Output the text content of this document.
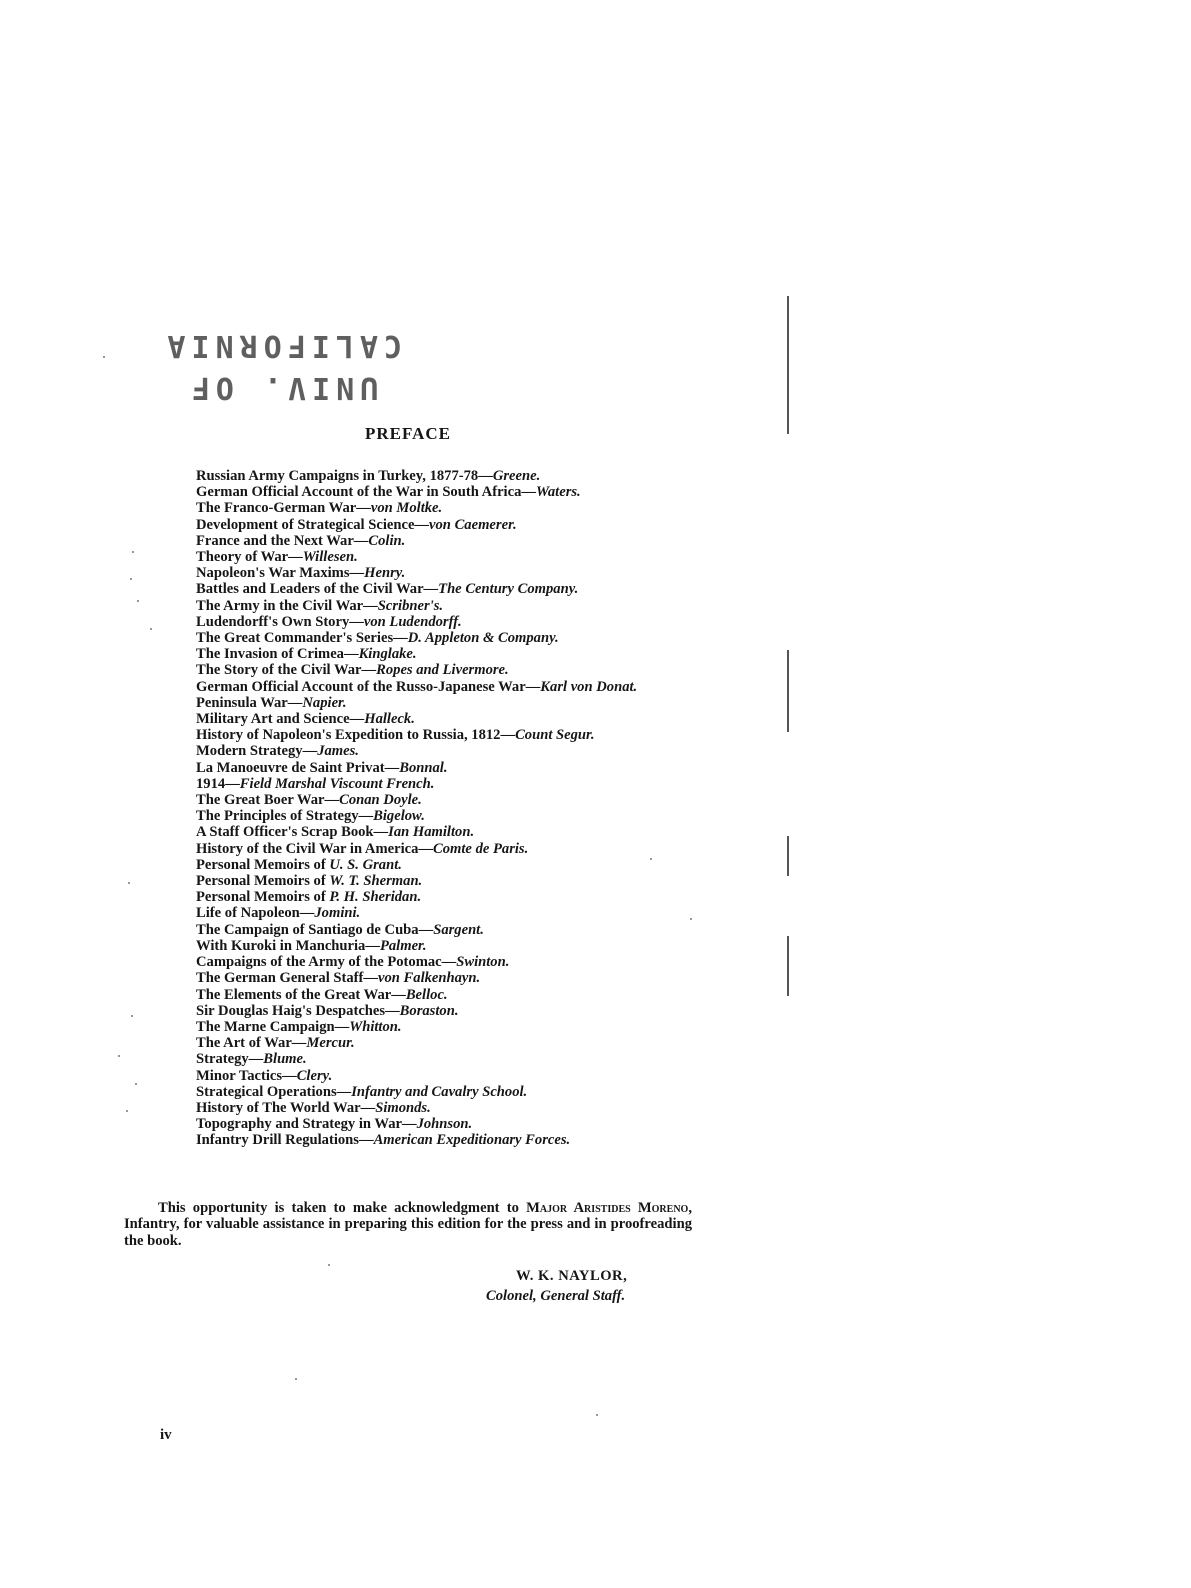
UNIV. OF
CALIFORNIA
PREFACE
Russian Army Campaigns in Turkey, 1877-78—Greene.
German Official Account of the War in South Africa—Waters.
The Franco-German War—von Moltke.
Development of Strategical Science—von Caemerer.
France and the Next War—Colin.
Theory of War—Willesen.
Napoleon's War Maxims—Henry.
Battles and Leaders of the Civil War—The Century Company.
The Army in the Civil War—Scribner's.
Ludendorff's Own Story—von Ludendorff.
The Great Commander's Series—D. Appleton & Company.
The Invasion of Crimea—Kinglake.
The Story of the Civil War—Ropes and Livermore.
German Official Account of the Russo-Japanese War—Karl von Donat.
Peninsula War—Napier.
Military Art and Science—Halleck.
History of Napoleon's Expedition to Russia, 1812—Count Segur.
Modern Strategy—James.
La Manoeuvre de Saint Privat—Bonnal.
1914—Field Marshal Viscount French.
The Great Boer War—Conan Doyle.
The Principles of Strategy—Bigelow.
A Staff Officer's Scrap Book—Ian Hamilton.
History of the Civil War in America—Comte de Paris.
Personal Memoirs of U. S. Grant.
Personal Memoirs of W. T. Sherman.
Personal Memoirs of P. H. Sheridan.
Life of Napoleon—Jomini.
The Campaign of Santiago de Cuba—Sargent.
With Kuroki in Manchuria—Palmer.
Campaigns of the Army of the Potomac—Swinton.
The German General Staff—von Falkenhayn.
The Elements of the Great War—Belloc.
Sir Douglas Haig's Despatches—Boraston.
The Marne Campaign—Whitton.
The Art of War—Mercur.
Strategy—Blume.
Minor Tactics—Clery.
Strategical Operations—Infantry and Cavalry School.
History of The World War—Simonds.
Topography and Strategy in War—Johnson.
Infantry Drill Regulations—American Expeditionary Forces.

This opportunity is taken to make acknowledgment to Major Aristides Moreno, Infantry, for valuable assistance in preparing this edition for the press and in proofreading the book.

W. K. NAYLOR,
Colonel, General Staff.
iv
